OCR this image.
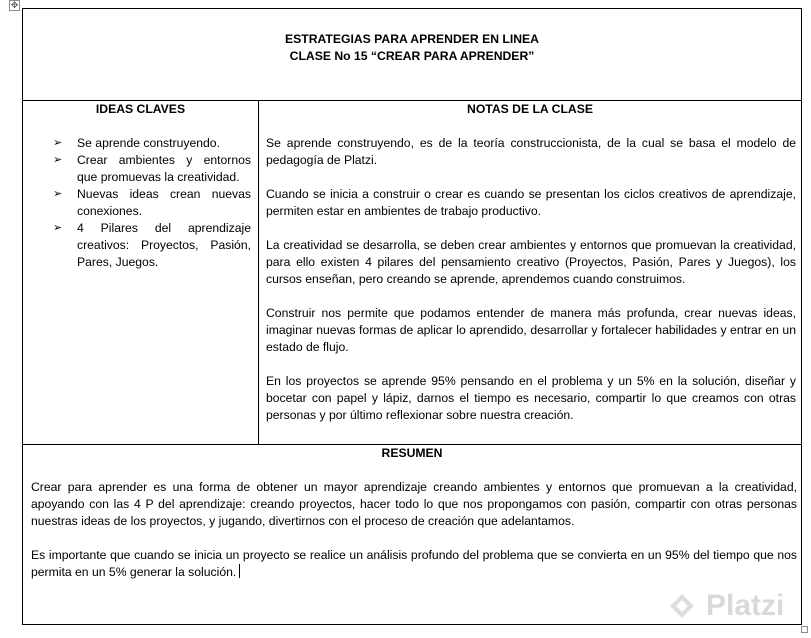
✥
ESTRATEGIAS PARA APRENDER EN LINEA
CLASE No 15 “CREAR PARA APRENDER”
IDEAS CLAVES	NOTAS DE LA CLASE
➢ Se aprende construyendo.
➢ Crear ambientes y entornos que promuevas la creatividad.
➢ Nuevas ideas crean nuevas conexiones.
➢ 4 Pilares del aprendizaje creativos: Proyectos, Pasión, Pares, Juegos.

Se aprende construyendo, es de la teoría construccionista, de la cual se basa el modelo de pedagogía de Platzi.

Cuando se inicia a construir o crear es cuando se presentan los ciclos creativos de aprendizaje, permiten estar en ambientes de trabajo productivo.

La creatividad se desarrolla, se deben crear ambientes y entornos que promuevan la creatividad, para ello existen 4 pilares del pensamiento creativo (Proyectos, Pasión, Pares y Juegos), los cursos enseñan, pero creando se aprende, aprendemos cuando construimos.

Construir nos permite que podamos entender de manera más profunda, crear nuevas ideas, imaginar nuevas formas de aplicar lo aprendido, desarrollar y fortalecer habilidades y entrar en un estado de flujo.

En los proyectos se aprende 95% pensando en el problema y un 5% en la solución, diseñar y bocetar con papel y lápiz, darnos el tiempo es necesario, compartir lo que creamos con otras personas y por último reflexionar sobre nuestra creación.

RESUMEN

Crear para aprender es una forma de obtener un mayor aprendizaje creando ambientes y entornos que promuevan a la creatividad, apoyando con las 4 P del aprendizaje: creando proyectos, hacer todo lo que nos propongamos con pasión, compartir con otras personas nuestras ideas de los proyectos, y jugando, divertirnos con el proceso de creación que adelantamos.

Es importante que cuando se inicia un proyecto se realice un análisis profundo del problema que se convierta en un 95% del tiempo que nos permita en un 5% generar la solución.

Platzi
